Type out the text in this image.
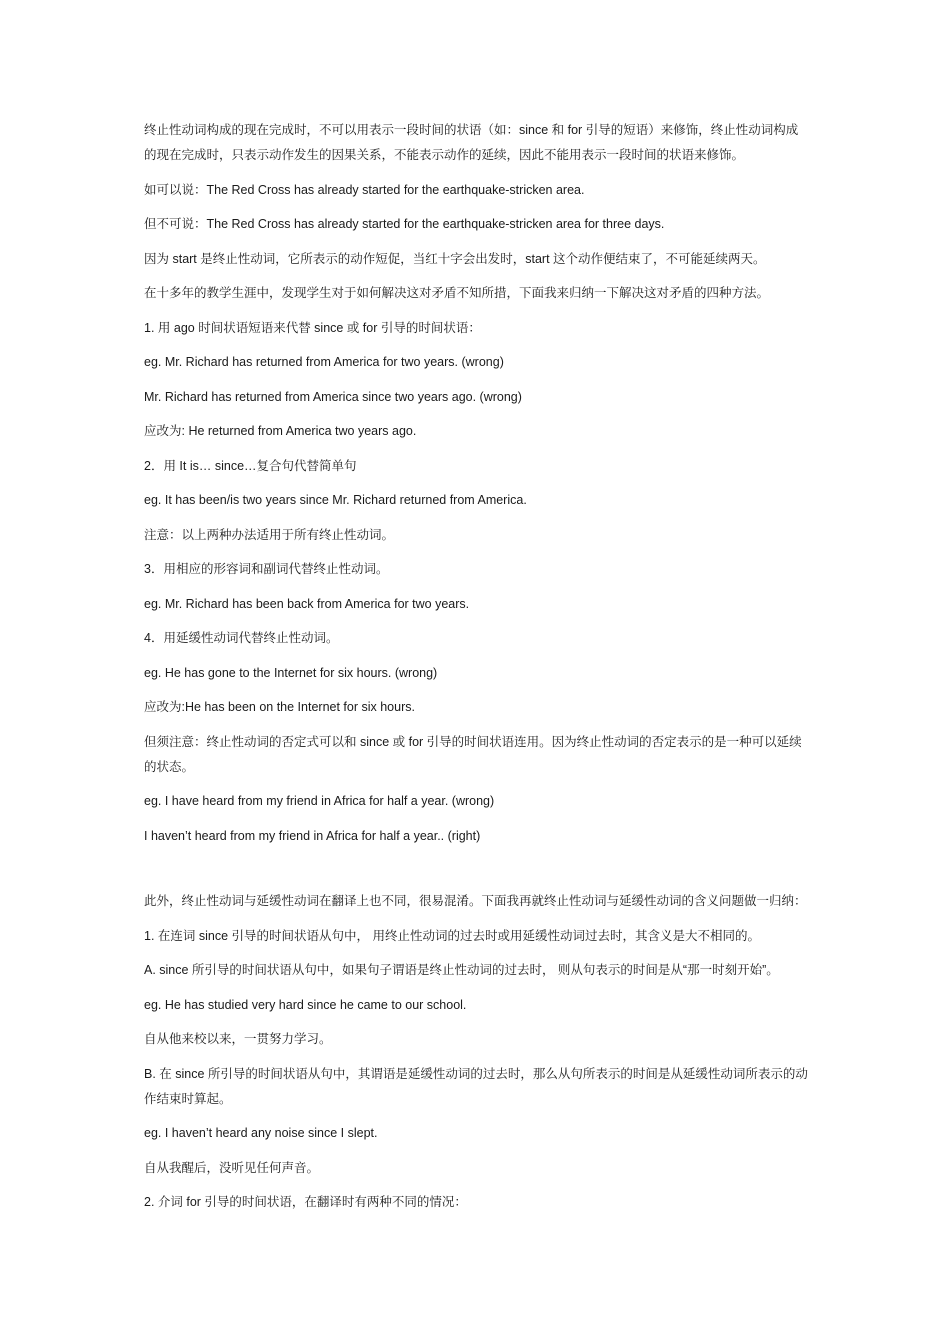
终止性动词构成的现在完成时，不可以用表示一段时间的状语（如：since 和 for 引导的短语）来修饰，终止性动词构成的现在完成时，只表示动作发生的因果关系，不能表示动作的延续，因此不能用表示一段时间的状语来修饰。

如可以说：The Red Cross has already started for the earthquake-stricken area.

但不可说：The Red Cross has already started for the earthquake-stricken area for three days.

因为 start 是终止性动词，它所表示的动作短促，当红十字会出发时，start 这个动作便结束了，不可能延续两天。

在十多年的教学生涯中，发现学生对于如何解决这对矛盾不知所措，下面我来归纳一下解决这对矛盾的四种方法。

1. 用 ago 时间状语短语来代替 since 或 for 引导的时间状语：

eg. Mr. Richard has returned from America for two years. (wrong)

Mr. Richard has returned from America since two years ago. (wrong)

应改为: He returned from America two years ago.

2．用 It is… since…复合句代替简单句

eg. It has been/is two years since Mr. Richard returned from America.

注意：以上两种办法适用于所有终止性动词。

3．用相应的形容词和副词代替终止性动词。

eg. Mr. Richard has been back from America for two years.

4．用延缓性动词代替终止性动词。

eg. He has gone to the Internet for six hours. (wrong)

应改为:He has been on the Internet for six hours.

但须注意：终止性动词的否定式可以和 since 或 for 引导的时间状语连用。因为终止性动词的否定表示的是一种可以延续的状态。

eg. I have heard from my friend in Africa for half a year. (wrong)

I haven’t heard from my friend in Africa for half a year.. (right)

此外，终止性动词与延缓性动词在翻译上也不同，很易混淆。下面我再就终止性动词与延缓性动词的含义问题做一归纳：

1. 在连词 since 引导的时间状语从句中， 用终止性动词的过去时或用延缓性动词过去时，其含义是大不相同的。

A. since 所引导的时间状语从句中，如果句子谓语是终止性动词的过去时， 则从句表示的时间是从“那一时刻开始”。

eg. He has studied very hard since he came to our school.

自从他来校以来，一贯努力学习。

B. 在 since 所引导的时间状语从句中，其谓语是延缓性动词的过去时，那么从句所表示的时间是从延缓性动词所表示的动作结束时算起。

eg. I haven’t heard any noise since I slept.

自从我醒后，没听见任何声音。

2. 介词 for 引导的时间状语，在翻译时有两种不同的情况：
